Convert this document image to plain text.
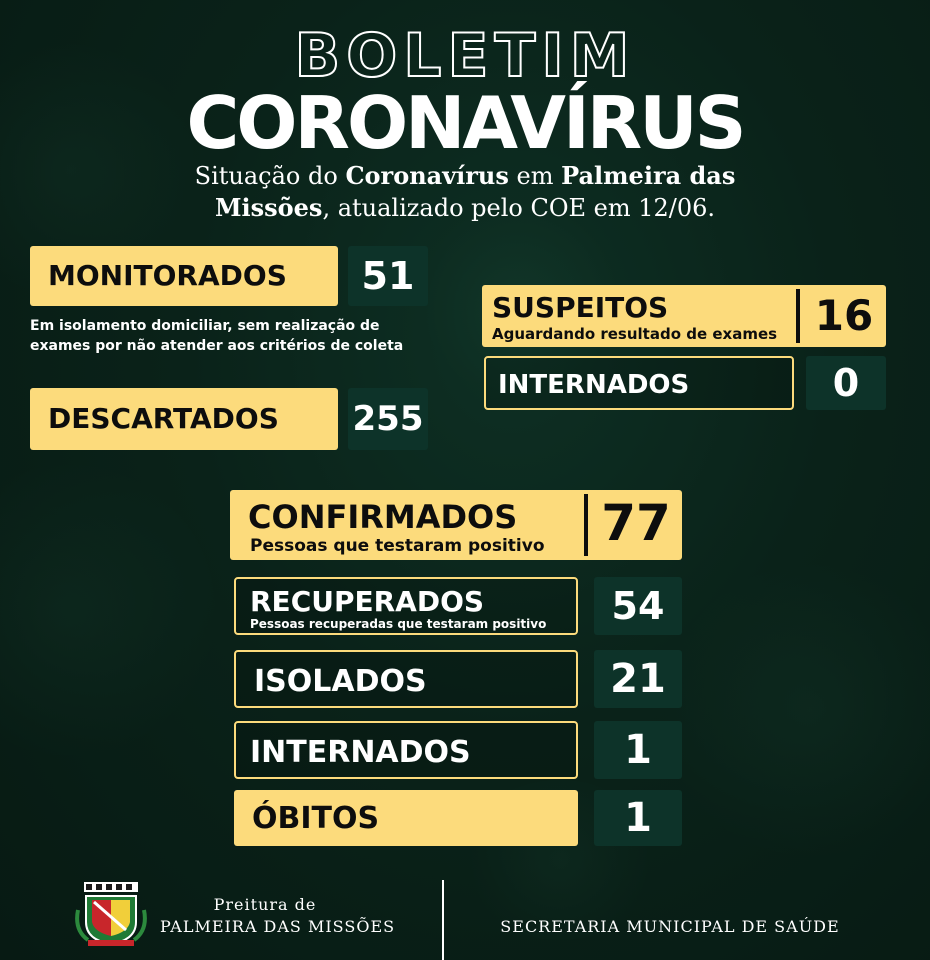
BOLETIM
CORONAVÍRUS
Situação do Coronavírus em Palmeira das
Missões, atualizado pelo COE em 12/06.
MONITORADOS	51
Em isolamento domiciliar, sem realização de
exames por não atender aos critérios de coleta
DESCARTADOS 255
SUSPEITOS
Aguardando resultado de exames 16
INTERNADOS	0
CONFIRMADOS
Pessoas que testaram positivo 77
RECUPERADOS
Pessoas recuperadas que testaram positivo	54
ISOLADOS	21
INTERNADOS	1
ÓBITOS	1
Preitura de
PALMEIRA DAS MISSÕES	SECRETARIA MUNICIPAL DE SAÚDE
